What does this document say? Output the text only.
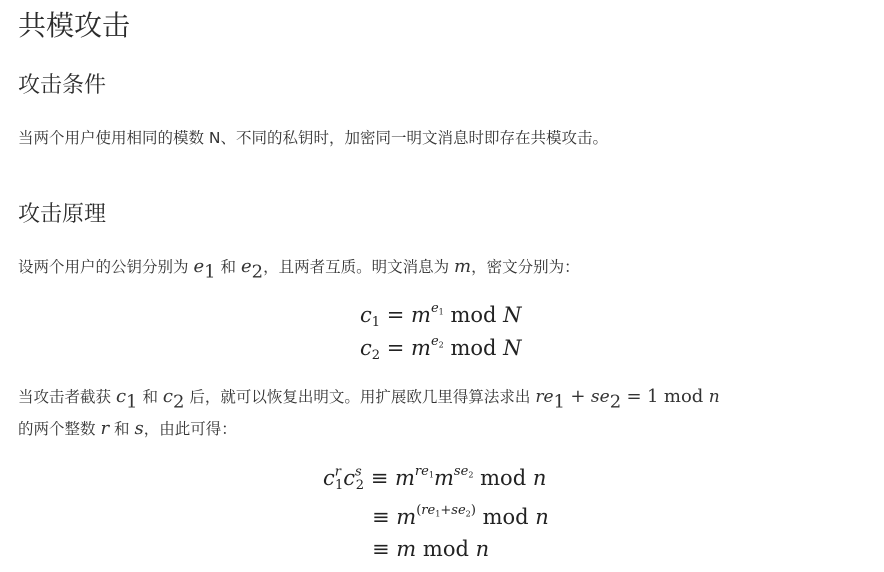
共模攻击
攻击条件

当两个用户使用相同的模数 N、不同的私钥时，加密同一明文消息时即存在共模攻击。

攻击原理

设两个用户的公钥分别为 $e_1$ 和 $e_2$，且两者互质。明文消息为 m，密文分别为：

$c_1 = m^{e_1}$ mod N
$c_2 = m^{e_2}$ mod N

当攻击者截获 $c_1$ 和 $c_2$ 后，就可以恢复出明文。用扩展欧几里得算法求出 $re_1 + se_2 = 1$ mod n

的两个整数 r 和 s，由此可得：

$c^r_1c^s_2 \equiv m^{re_1}m^{se_2}$ mod n
≡ $m^{(re_1+se_2)}$ mod n
≡ m mod n
